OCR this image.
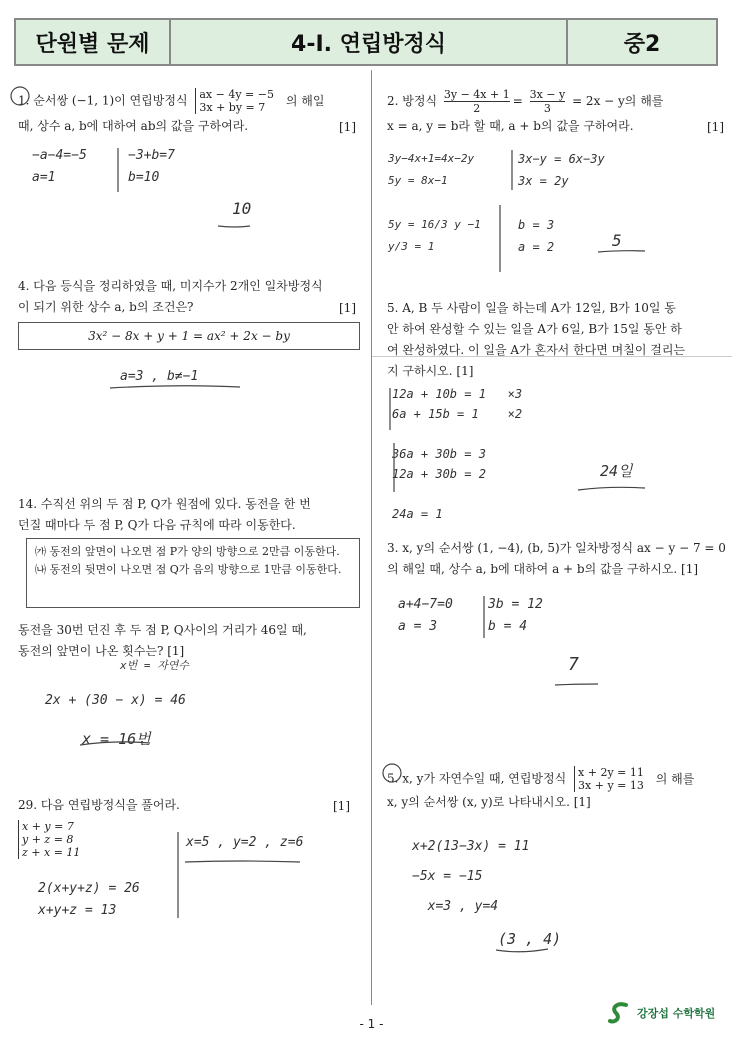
단원별 문제	4-Ⅰ. 연립방정식	중2
1. 순서쌍 (−1, 1)이 연립방정식 ax − 4y = −5
3x + by = 7 의 해일
때, 상수 a, b에 대하여 ab의 값을 구하여라.	[1]
−a−4=−5
a=1
−3+b=7
b=10
10
4. 다음 등식을 정리하였을 때, 미지수가 2개인 일차방정식
이 되기 위한 상수 a, b의 조건은?	[1]
3x² − 8x + y + 1 = ax² + 2x − by
a=3 , b≠−1
14. 수직선 위의 두 점 P, Q가 원점에 있다. 동전을 한 번
던질 때마다 두 점 P, Q가 다음 규칙에 따라 이동한다.
㈎ 동전의 앞면이 나오면 점 P가 양의 방향으로 2만큼 이동한다.
㈏ 동전의 뒷면이 나오면 점 Q가 음의 방향으로 1만큼 이동한다.
동전을 30번 던진 후 두 점 P, Q사이의 거리가 46일 때,
동전의 앞면이 나온 횟수는? [1]
x번 = 자연수
2x + (30 − x) = 46
x = 16번
29. 다음 연립방정식을 풀어라.	[1]
x + y = 7
y + z = 8
z + x = 11
2(x+y+z) = 26
x+y+z = 13
x=5 , y=2 , z=6
2. 방정식 $\frac{3y - 4x + 1}{2} = \frac{3x - y}{3} = 2x - y$의 해를
x = a, y = b라 할 때, a + b의 값을 구하여라.	[1]
3y−4x+1=4x−2y
5y = 8x−1

5y = 16/3 y −1
y/3 = 1
3x−y = 6x−3y
3x = 2y

b = 3
a = 2	5
5. A, B 두 사람이 일을 하는데 A가 12일, B가 10일 동
안 하여 완성할 수 있는 일을 A가 6일, B가 15일 동안 하
여 완성하였다. 이 일을 A가 혼자서 한다면 며칠이 걸리는
지 구하시오. [1]
12a + 10b = 1   ×3
6a + 15b = 1    ×2

36a + 30b = 3
12a + 30b = 2

24a = 1
24일
3. x, y의 순서쌍 (1, −4), (b, 5)가 일차방정식 ax − y − 7 = 0
의 해일 때, 상수 a, b에 대하여 a + b의 값을 구하시오. [1]
a+4−7=0
a = 3
3b = 12
b = 4
7
5. x, y가 자연수일 때, 연립방정식 x + 2y = 11
3x + y = 13 의 해를
x, y의 순서쌍 (x, y)로 나타내시오. [1]
x+2(13−3x) = 11
−5x = −15
x=3 , y=4
(3 , 4)
- 1 -
강장섭 수학학원
